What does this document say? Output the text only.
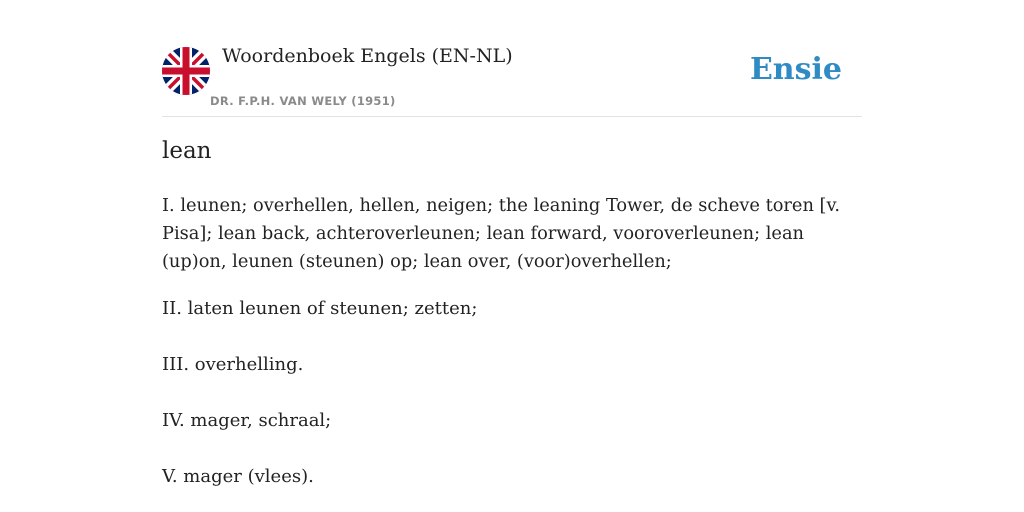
Woordenboek Engels (EN-NL)
DR. F.P.H. VAN WELY (1951)
Ensie
lean

I. leunen; overhellen, hellen, neigen; the leaning Tower, de scheve toren [v. Pisa]; lean back, achteroverleunen; lean forward, vooroverleunen; lean (up)on, leunen (steunen) op; lean over, (voor)overhellen;

II. laten leunen of steunen; zetten;

III. overhelling.

IV. mager, schraal;

V. mager (vlees).
